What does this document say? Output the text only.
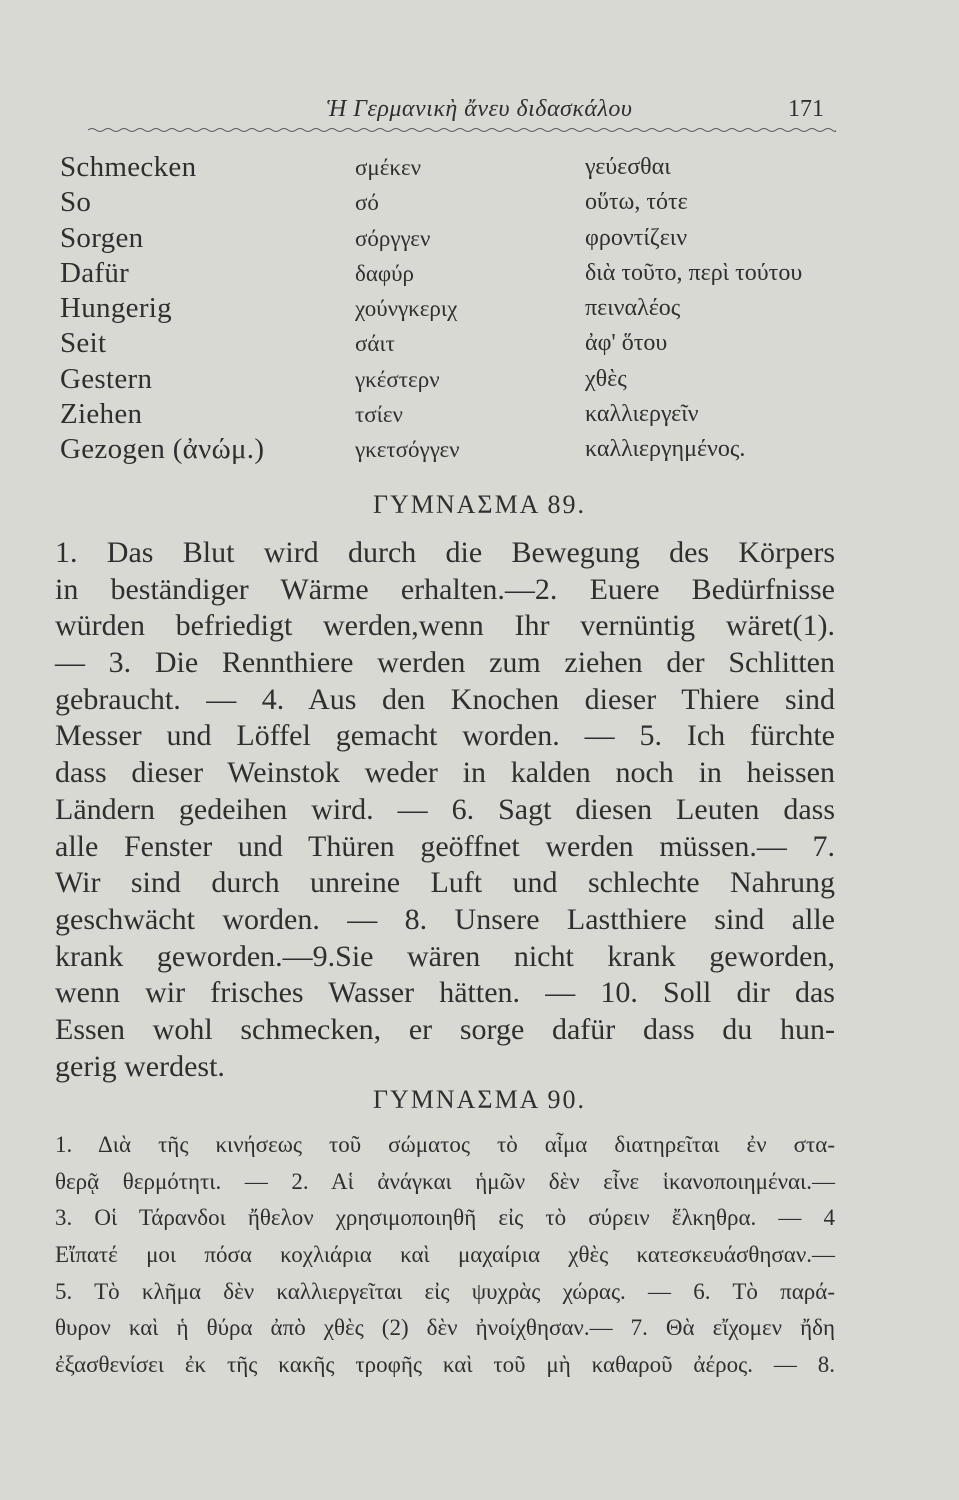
Ἡ Γερμανικὴ ἄνευ διδασκάλου	171
Schmecken	σμέκεν	γεύεσθαι
So	σό	οὕτω, τότε
Sorgen	σόργγεν	φροντίζειν
Dafür	δαφύρ	διὰ τοῦτο, περὶ τούτου
Hungerig	χούνγκεριχ	πειναλέος
Seit	σάιτ	ἀφ' ὅτου
Gestern	γκέστερν	χθὲς
Ziehen	τσίεν	καλλιεργεῖν
Gezogen (ἀνώμ.)	γκετσόγγεν	καλλιεργημένος.
ΓΥΜΝΑΣΜΑ 89.
1. Das Blut wird durch die Bewegung des Körpers
in beständiger Wärme erhalten.—2. Euere Bedürfnisse
würden befriedigt werden,wenn Ihr vernüntig wäret(1).
— 3. Die Rennthiere werden zum ziehen der Schlitten
gebraucht. — 4. Aus den Knochen dieser Thiere sind
Messer und Löffel gemacht worden. — 5. Ich fürchte
dass dieser Weinstok weder in kalden noch in heissen
Ländern gedeihen wird. — 6. Sagt diesen Leuten dass
alle Fenster und Thüren geöffnet werden müssen.— 7.
Wir sind durch unreine Luft und schlechte Nahrung
geschwächt worden. — 8. Unsere Lastthiere sind alle
krank geworden.—9.Sie wären nicht krank geworden,
wenn wir frisches Wasser hätten. — 10. Soll dir das
Essen wohl schmecken, er sorge dafür dass du hun-
gerig werdest.
ΓΥΜΝΑΣΜΑ 90.
1. Διὰ τῆς κινήσεως τοῦ σώματος τὸ αἷμα διατηρεῖται ἐν στα-
θερᾷ θερμότητι. — 2. Αἱ ἀνάγκαι ἡμῶν δὲν εἶνε ἱκανοποιημέναι.—
3. Οἱ Τάρανδοι ἤθελον χρησιμοποιηθῆ εἰς τὸ σύρειν ἔλκηθρα. — 4
Εἴπατέ μοι πόσα κοχλιάρια καὶ μαχαίρια χθὲς κατεσκευάσθησαν.—
5. Τὸ κλῆμα δὲν καλλιεργεῖται εἰς ψυχρὰς χώρας. — 6. Τὸ παρά-
θυρον καὶ ἡ θύρα ἀπὸ χθὲς (2) δὲν ἠνοίχθησαν.— 7. Θὰ εἴχομεν ἤδη
ἐξασθενίσει ἐκ τῆς κακῆς τροφῆς καὶ τοῦ μὴ καθαροῦ ἀέρος. — 8.
